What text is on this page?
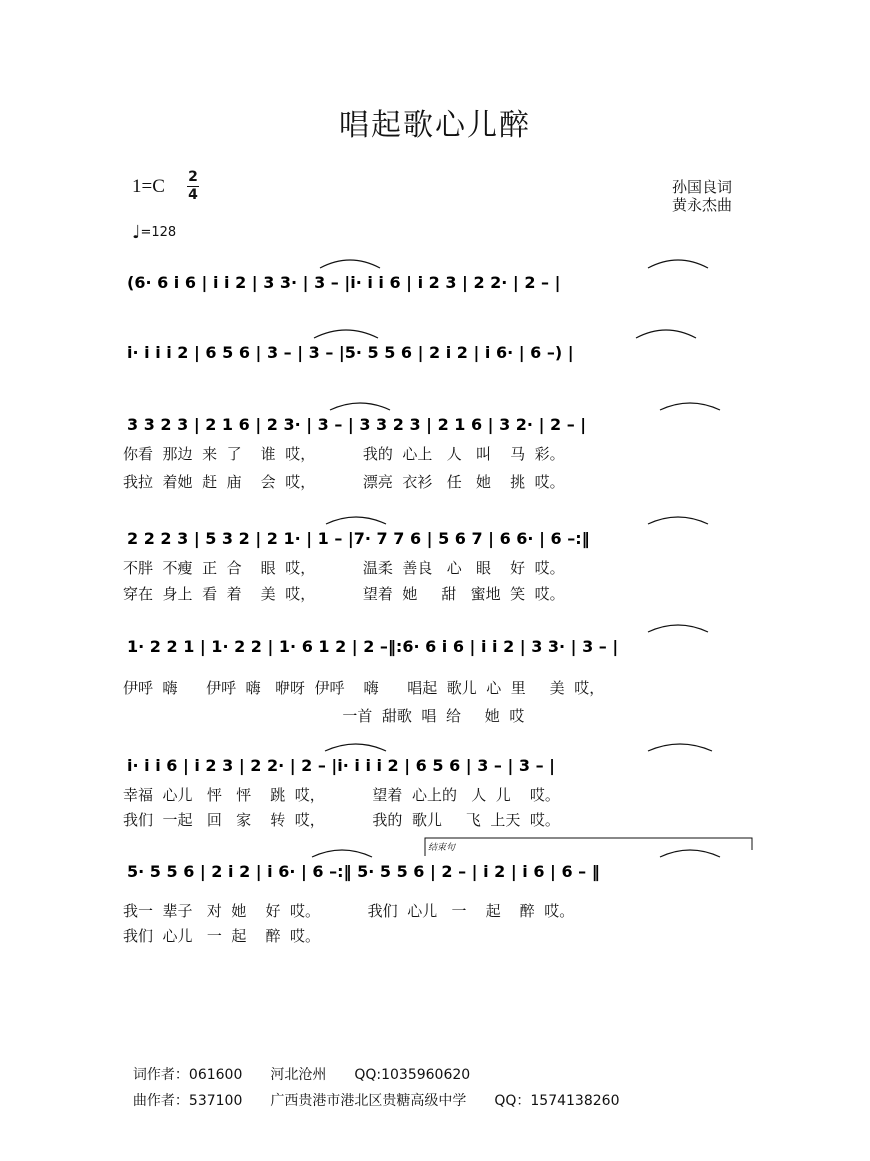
唱起歌心儿醉
1=C 2
4
♩=128
孙国良词
黄永杰曲
(6· 6 i 6 | i i 2 | 3 3· | 3 – |i· i i 6 | i 2 3 | 2 2· | 2 – |
i· i i i 2 | 6 5 6 | 3 – | 3 – |5· 5 5 6 | 2 i 2 | i 6· | 6 –) |
3 3 2 3 | 2 1 6 | 2 3· | 3 – | 3 3 2 3 | 2 1 6 | 3 2· | 2 – |
2 2 2 3 | 5 3 2 | 2 1· | 1 – |7· 7 7 6 | 5 6 7 | 6 6· | 6 –:‖
1· 2 2 1 | 1· 2 2 | 1· 6 1 2 | 2 –‖:6· 6 i 6 | i i 2 | 3 3· | 3 – |
i· i i 6 | i 2 3 | 2 2· | 2 – |i· i i i 2 | 6 5 6 | 3 – | 3 – |
5· 5 5 6 | 2 i 2 | i 6· | 6 –:‖ 5· 5 5 6 | 2 – | i 2 | i 6 | 6 – ‖
结束句
你看  那边  来  了    谁  哎，          我的  心上   人   叫    马  彩。
我拉  着她  赶  庙    会  哎，          漂亮  衣衫   任   她    挑  哎。
不胖  不瘦  正  合    眼  哎，          温柔  善良   心   眼    好  哎。
穿在  身上  看  着    美  哎，          望着  她     甜   蜜地  笑  哎。
伊呼  嗨      伊呼  嗨   咿呀  伊呼    嗨      唱起  歌儿  心  里     美  哎，
一首  甜歌  唱  给     她  哎
幸福  心儿   怦   怦    跳  哎，          望着  心上的   人  儿    哎。
我们  一起   回   家    转  哎，          我的  歌儿     飞  上天  哎。
我一  辈子   对  她    好  哎。          我们  心儿   一    起    醉  哎。
我们  心儿   一  起    醉  哎。

词作者：061600 河北沧州 QQ:1035960620

曲作者：537100 广西贵港市港北区贵糖高级中学 QQ：1574138260
